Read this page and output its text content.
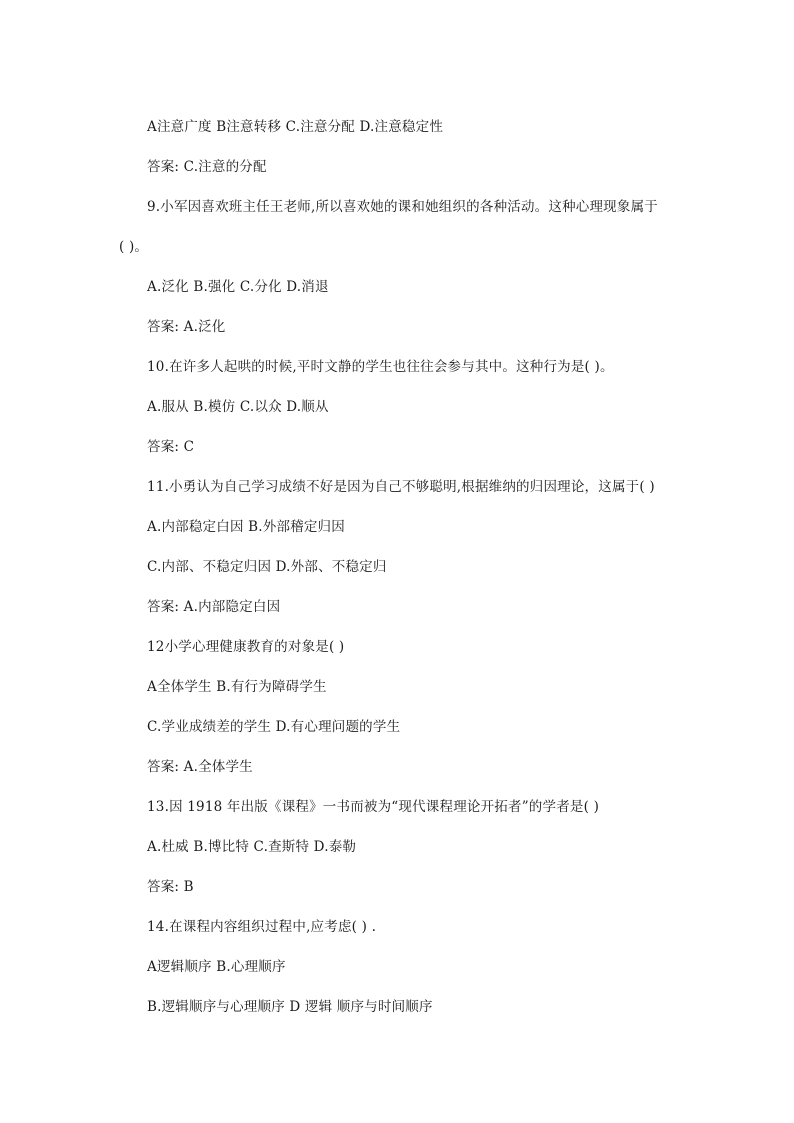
A注意广度 B注意转移 C.注意分配 D.注意稳定性
答案: C.注意的分配
9.小军因喜欢班主任王老师,所以喜欢她的课和她组织的各种活动。这种心理现象属于
( )。
A.泛化 B.强化 C.分化 D.消退
答案: A.泛化
10.在许多人起哄的时候,平时文静的学生也往往会参与其中。这种行为是( )。
A.服从 B.模仿 C.以众 D.顺从
答案: C
11.小勇认为自己学习成绩不好是因为自己不够聪明,根据维纳的归因理论，这属于( )
A.内部稳定白因 B.外部稽定归因
C.内部、不稳定归因 D.外部、不稳定归
答案: A.内部隐定白因
12小学心理健康教育的对象是( )
A全体学生 B.有行为障碍学生
C.学业成绩差的学生 D.有心理问题的学生
答案: A.全体学生
13.因 1918 年出版《课程》一书而被为“现代课程理论开拓者”的学者是( )
A.杜威 B.博比特 C.查斯特 D.泰勒
答案: B
14.在课程内容组织过程中,应考虑( ) .
A逻辑顺序 B.心理顺序
B.逻辑顺序与心理顺序 D 逻辑 顺序与时间顺序
